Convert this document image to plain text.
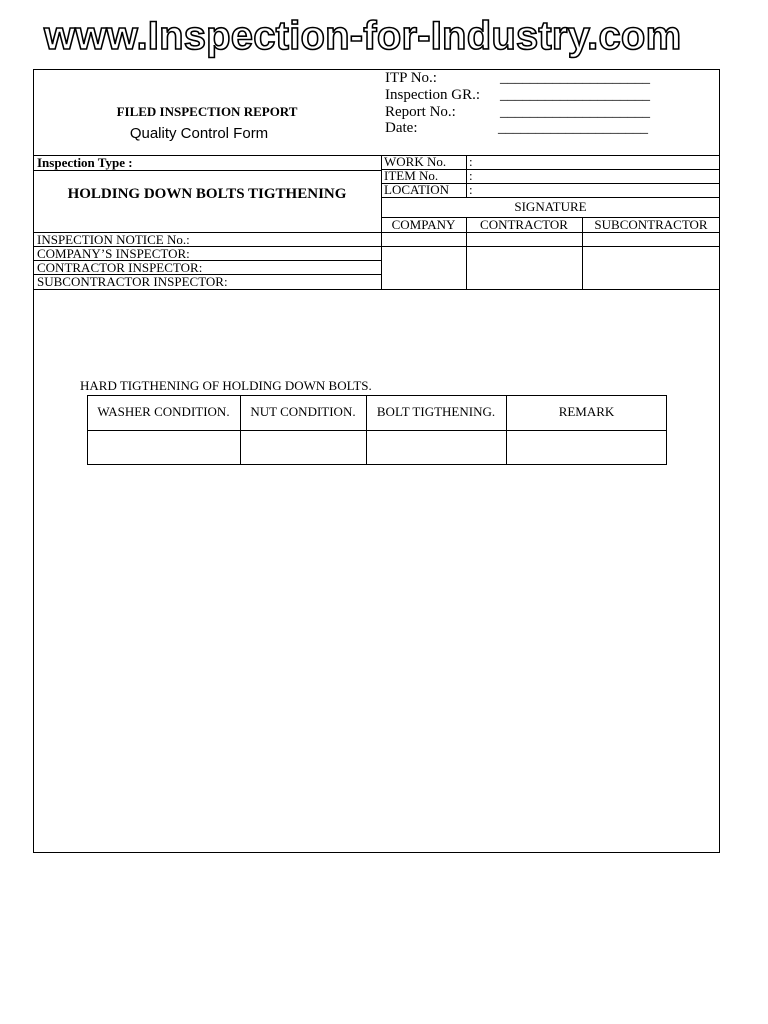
www.Inspection-for-Industry.com
FILED INSPECTION REPORT
Quality Control Form
ITP No.:	____________________
Inspection GR.: ____________________
Report No.:	____________________
Date:	____________________
Inspection Type :
HOLDING DOWN BOLTS TIGTHENING
WORK No. :
ITEM No. :
LOCATION :
SIGNATURE
COMPANY	CONTRACTOR	SUBCONTRACTOR
INSPECTION NOTICE No.:
COMPANY’S INSPECTOR:
CONTRACTOR INSPECTOR:
SUBCONTRACTOR INSPECTOR:
HARD TIGTHENING OF HOLDING DOWN BOLTS.
WASHER CONDITION.	NUT CONDITION.	BOLT TIGTHENING.	REMARK
